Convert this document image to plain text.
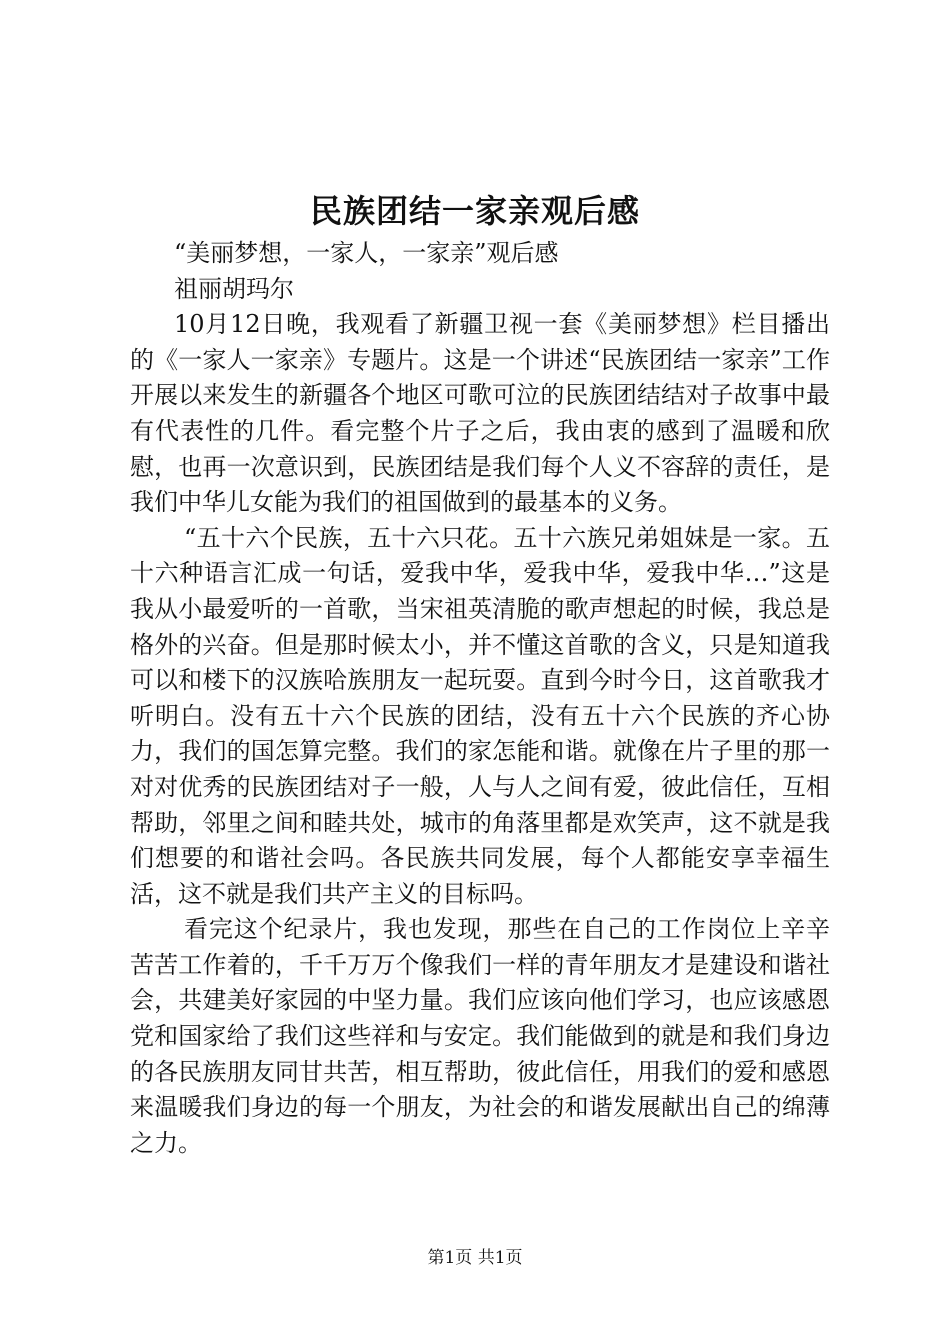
民族团结一家亲观后感

“美丽梦想，一家人，一家亲”观后感

祖丽胡玛尔

10月12日晚，我观看了新疆卫视一套《美丽梦想》栏目播出的《一家人一家亲》专题片。这是一个讲述“民族团结一家亲”工作开展以来发生的新疆各个地区可歌可泣的民族团结结对子故事中最有代表性的几件。看完整个片子之后，我由衷的感到了温暖和欣慰，也再一次意识到，民族团结是我们每个人义不容辞的责任，是我们中华儿女能为我们的祖国做到的最基本的义务。

“五十六个民族，五十六只花。五十六族兄弟姐妹是一家。五十六种语言汇成一句话，爱我中华，爱我中华，爱我中华…”这是我从小最爱听的一首歌，当宋祖英清脆的歌声想起的时候，我总是格外的兴奋。但是那时候太小，并不懂这首歌的含义，只是知道我可以和楼下的汉族哈族朋友一起玩耍。直到今时今日，这首歌我才听明白。没有五十六个民族的团结，没有五十六个民族的齐心协力，我们的国怎算完整。我们的家怎能和谐。就像在片子里的那一对对优秀的民族团结对子一般，人与人之间有爱，彼此信任，互相帮助，邻里之间和睦共处，城市的角落里都是欢笑声，这不就是我们想要的和谐社会吗。各民族共同发展，每个人都能安享幸福生活，这不就是我们共产主义的目标吗。

看完这个纪录片，我也发现，那些在自己的工作岗位上辛辛苦苦工作着的，千千万万个像我们一样的青年朋友才是建设和谐社会，共建美好家园的中坚力量。我们应该向他们学习，也应该感恩党和国家给了我们这些祥和与安定。我们能做到的就是和我们身边的各民族朋友同甘共苦，相互帮助，彼此信任，用我们的爱和感恩来温暖我们身边的每一个朋友，为社会的和谐发展献出自己的绵薄之力。

第1页 共1页
